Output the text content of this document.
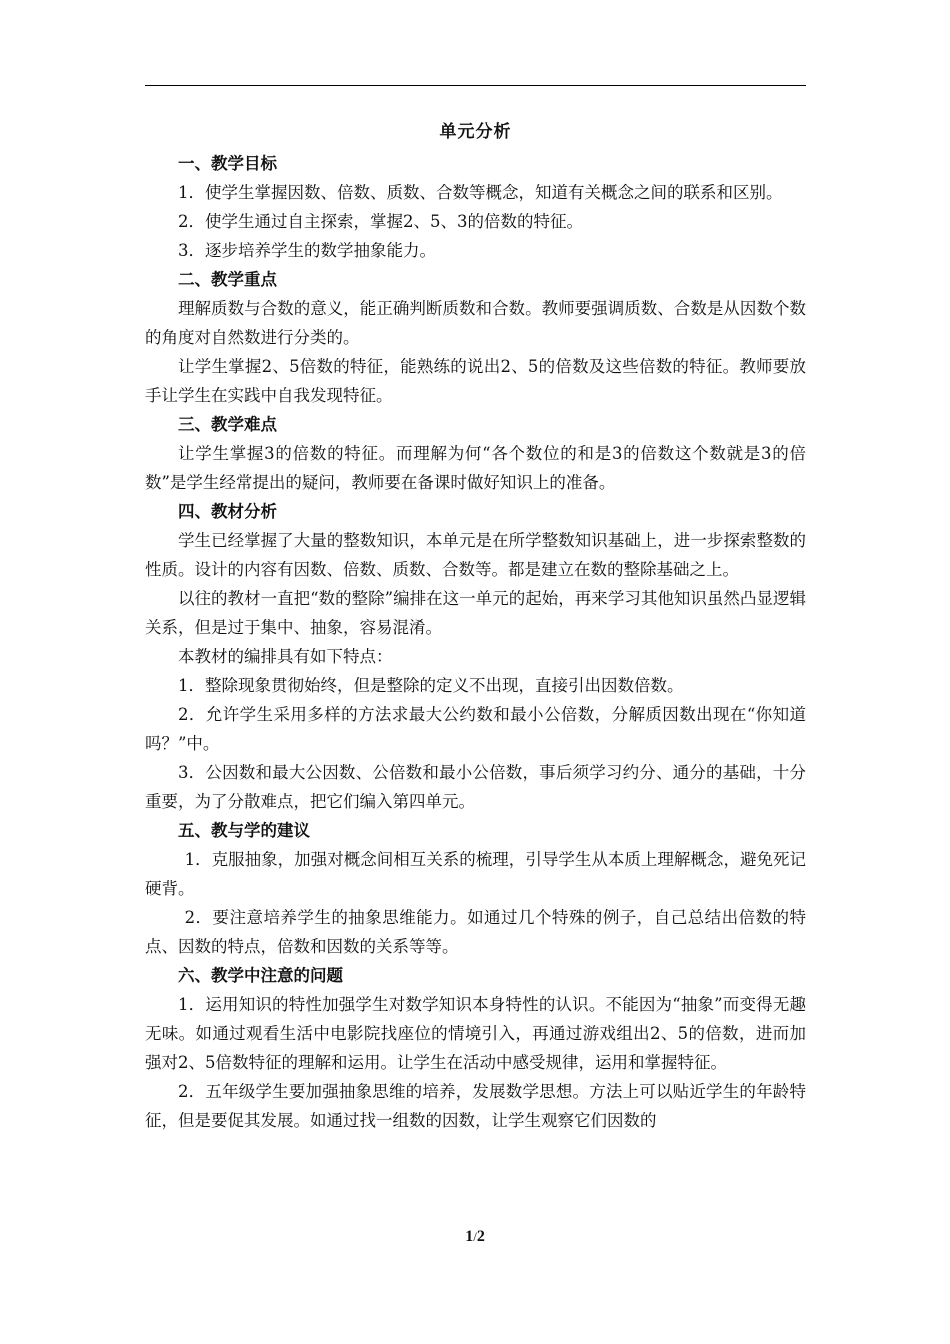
单元分析
一、教学目标
1．使学生掌握因数、倍数、质数、合数等概念，知道有关概念之间的联系和区别。
2．使学生通过自主探索，掌握2、5、3的倍数的特征。
3．逐步培养学生的数学抽象能力。
二、教学重点
理解质数与合数的意义，能正确判断质数和合数。教师要强调质数、合数是从因数个数的角度对自然数进行分类的。
让学生掌握2、5倍数的特征，能熟练的说出2、5的倍数及这些倍数的特征。教师要放手让学生在实践中自我发现特征。
三、教学难点
让学生掌握3的倍数的特征。而理解为何“各个数位的和是3的倍数这个数就是3的倍数”是学生经常提出的疑问，教师要在备课时做好知识上的准备。
四、教材分析
学生已经掌握了大量的整数知识，本单元是在所学整数知识基础上，进一步探索整数的性质。设计的内容有因数、倍数、质数、合数等。都是建立在数的整除基础之上。
以往的教材一直把“数的整除”编排在这一单元的起始，再来学习其他知识虽然凸显逻辑关系，但是过于集中、抽象，容易混淆。
本教材的编排具有如下特点：
1．整除现象贯彻始终，但是整除的定义不出现，直接引出因数倍数。
2．允许学生采用多样的方法求最大公约数和最小公倍数，分解质因数出现在“你知道吗？”中。
3．公因数和最大公因数、公倍数和最小公倍数，事后须学习约分、通分的基础，十分重要，为了分散难点，把它们编入第四单元。
五、教与学的建议
1．克服抽象，加强对概念间相互关系的梳理，引导学生从本质上理解概念，避免死记硬背。
2．要注意培养学生的抽象思维能力。如通过几个特殊的例子，自己总结出倍数的特点、因数的特点，倍数和因数的关系等等。
六、教学中注意的问题
1．运用知识的特性加强学生对数学知识本身特性的认识。不能因为“抽象”而变得无趣无味。如通过观看生活中电影院找座位的情境引入，再通过游戏组出2、5的倍数，进而加强对2、5倍数特征的理解和运用。让学生在活动中感受规律，运用和掌握特征。
2．五年级学生要加强抽象思维的培养，发展数学思想。方法上可以贴近学生的年龄特征，但是要促其发展。如通过找一组数的因数，让学生观察它们因数的
1/2
